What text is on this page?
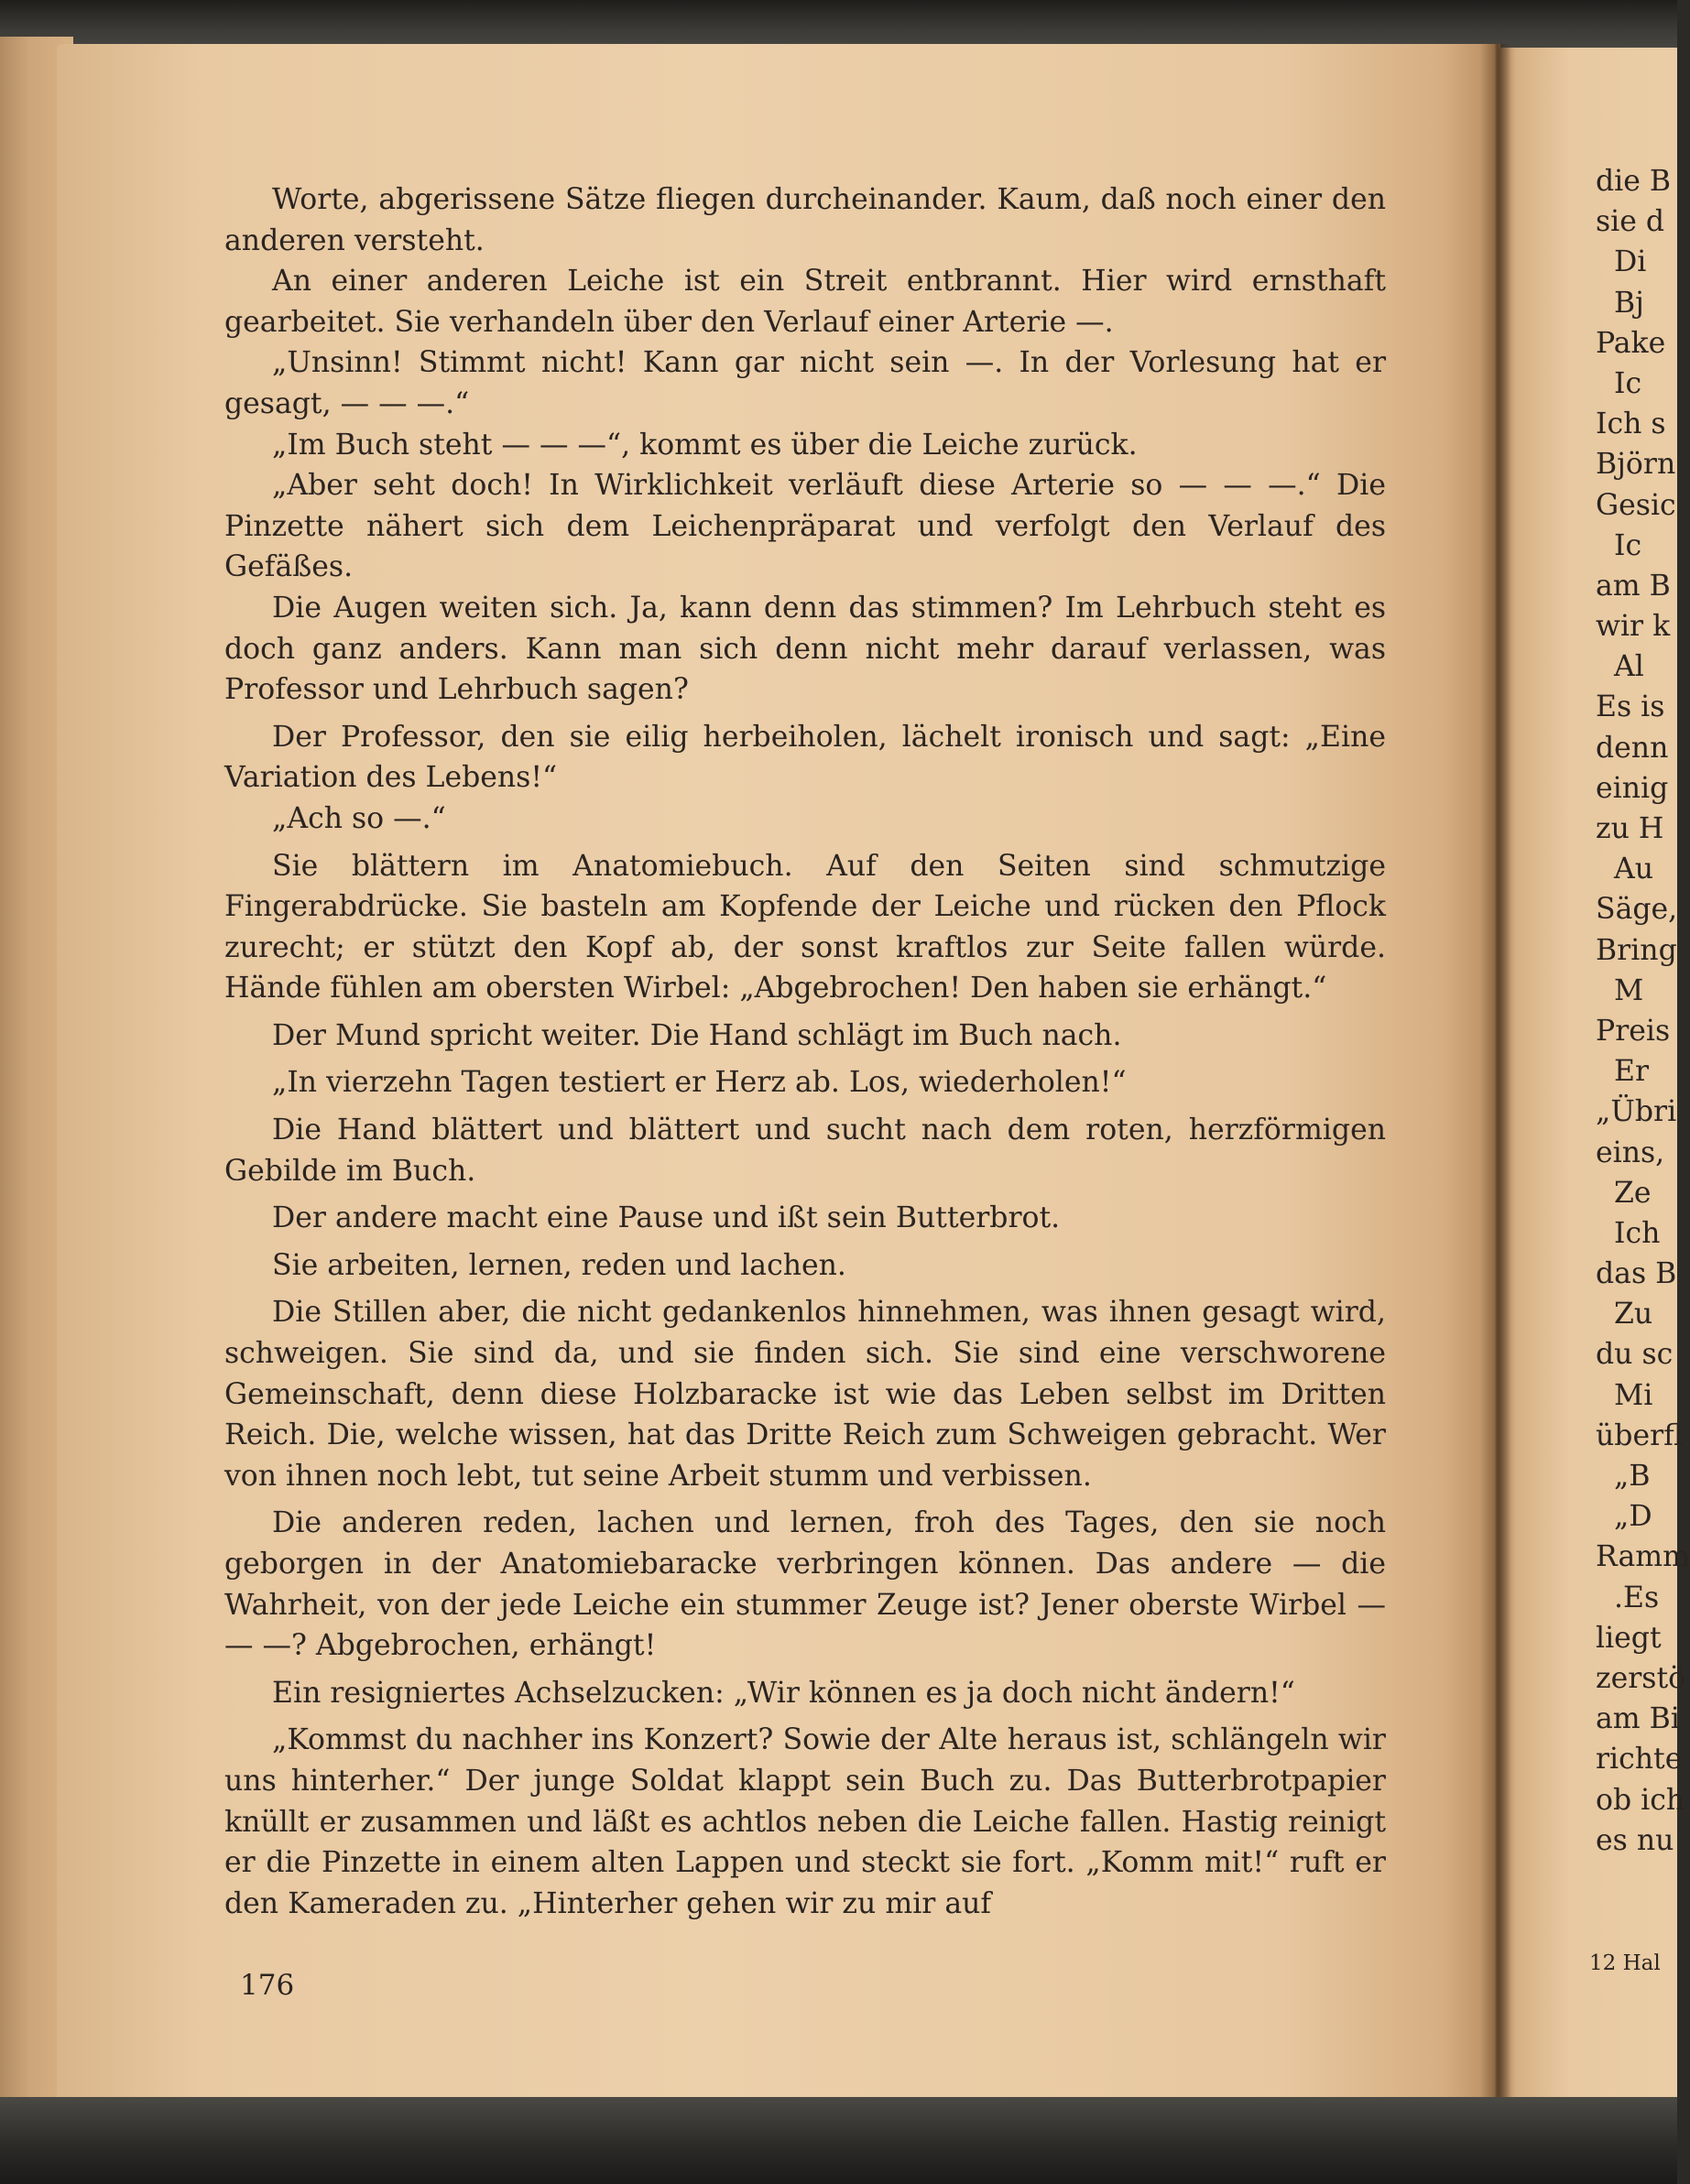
Worte, abgerissene Sätze fliegen durcheinander. Kaum, daß noch einer den anderen versteht.

An einer anderen Leiche ist ein Streit entbrannt. Hier wird ernsthaft gearbeitet. Sie verhandeln über den Verlauf einer Arterie —.

„Unsinn! Stimmt nicht! Kann gar nicht sein —. In der Vorlesung hat er gesagt, — — —.“

„Im Buch steht — — —“, kommt es über die Leiche zurück.

„Aber seht doch! In Wirklichkeit verläuft diese Arterie so — — —.“ Die Pinzette nähert sich dem Leichenpräparat und verfolgt den Verlauf des Gefäßes.

Die Augen weiten sich. Ja, kann denn das stimmen? Im Lehrbuch steht es doch ganz anders. Kann man sich denn nicht mehr darauf verlassen, was Professor und Lehrbuch sagen?

Der Professor, den sie eilig herbeiholen, lächelt ironisch und sagt: „Eine Variation des Lebens!“

„Ach so —.“

Sie blättern im Anatomiebuch. Auf den Seiten sind schmutzige Fingerabdrücke. Sie basteln am Kopfende der Leiche und rücken den Pflock zurecht; er stützt den Kopf ab, der sonst kraftlos zur Seite fallen würde. Hände fühlen am obersten Wirbel: „Abgebrochen! Den haben sie erhängt.“

Der Mund spricht weiter. Die Hand schlägt im Buch nach.

„In vierzehn Tagen testiert er Herz ab. Los, wiederholen!“

Die Hand blättert und blättert und sucht nach dem roten, herzförmigen Gebilde im Buch.

Der andere macht eine Pause und ißt sein Butterbrot.

Sie arbeiten, lernen, reden und lachen.

Die Stillen aber, die nicht gedankenlos hinnehmen, was ihnen gesagt wird, schweigen. Sie sind da, und sie finden sich. Sie sind eine verschworene Gemeinschaft, denn diese Holzbaracke ist wie das Leben selbst im Dritten Reich. Die, welche wissen, hat das Dritte Reich zum Schweigen gebracht. Wer von ihnen noch lebt, tut seine Arbeit stumm und verbissen.

Die anderen reden, lachen und lernen, froh des Tages, den sie noch geborgen in der Anatomiebaracke verbringen können. Das andere — die Wahrheit, von der jede Leiche ein stummer Zeuge ist? Jener oberste Wirbel — — —? Abgebrochen, erhängt!

Ein resigniertes Achselzucken: „Wir können es ja doch nicht ändern!“

„Kommst du nachher ins Konzert? Sowie der Alte heraus ist, schlängeln wir uns hinterher.“ Der junge Soldat klappt sein Buch zu. Das Butterbrotpapier knüllt er zusammen und läßt es achtlos neben die Leiche fallen. Hastig reinigt er die Pinzette in einem alten Lappen und steckt sie fort. „Komm mit!“ ruft er den Kameraden zu. „Hinterher gehen wir zu mir auf

176
die B
sie d
Di
Bj
Pake
Ic
Ich s
Björn
Gesic
Ic
am B
wir k
Al
Es is
denn
einig
zu H
Au
Säge,
Bring
M
Preis
Er
„Übri
eins,
Ze
Ich
das B
Zu
du sc
Mi
überfl
„B
„D
Ramm
.Es
liegt
zerstö
am Bi
richte
ob ich
es nu
12 Hal
